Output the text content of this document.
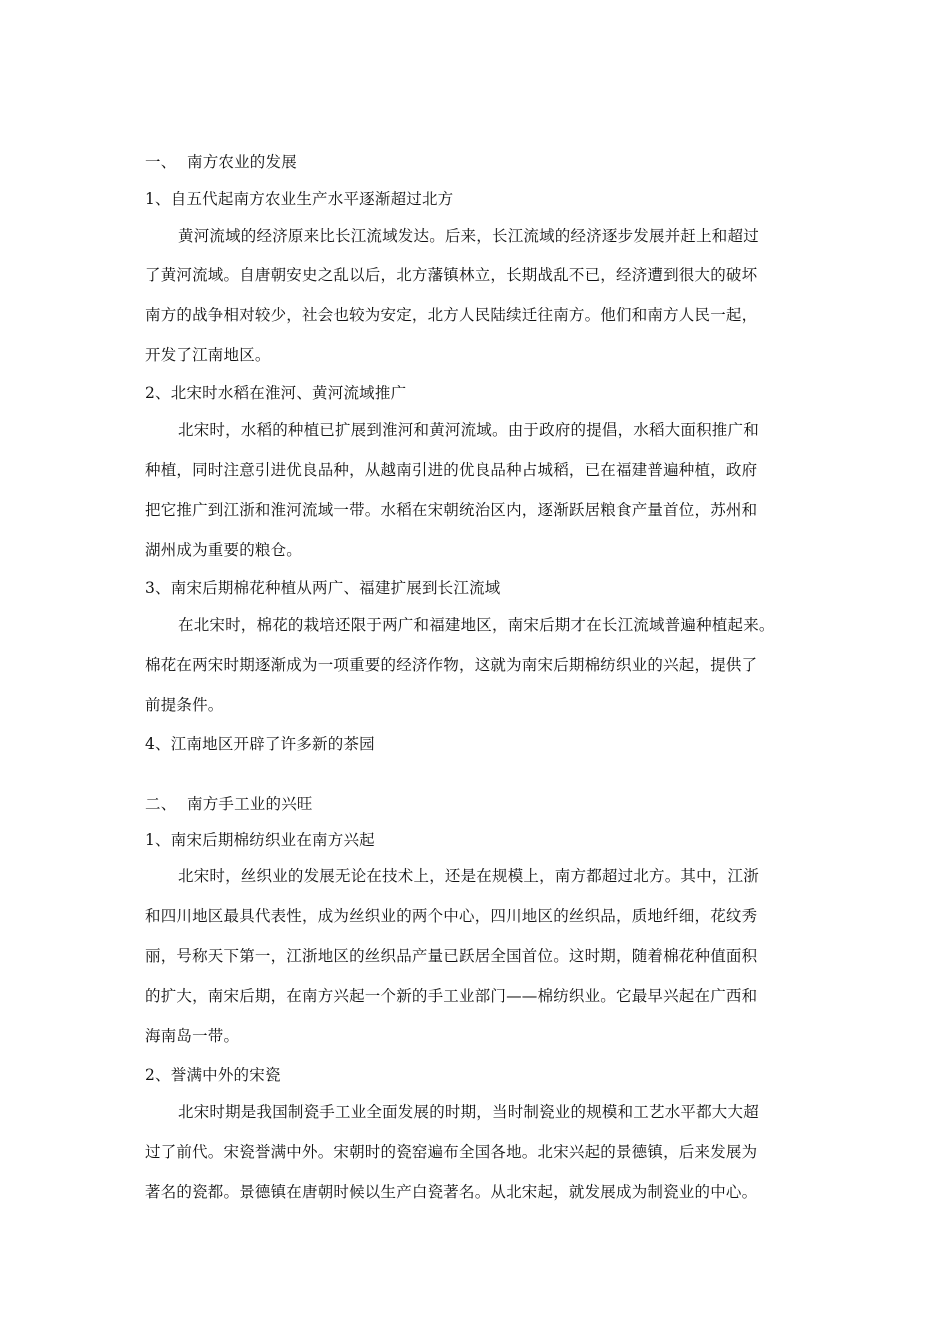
一、 南方农业的发展
1、自五代起南方农业生产水平逐渐超过北方
黄河流域的经济原来比长江流域发达。后来，长江流域的经济逐步发展并赶上和超过
了黄河流域。自唐朝安史之乱以后，北方藩镇林立，长期战乱不已，经济遭到很大的破坏
南方的战争相对较少，社会也较为安定，北方人民陆续迁往南方。他们和南方人民一起，
开发了江南地区。
2、北宋时水稻在淮河、黄河流域推广
北宋时，水稻的种植已扩展到淮河和黄河流域。由于政府的提倡，水稻大面积推广和
种植，同时注意引进优良品种，从越南引进的优良品种占城稻，已在福建普遍种植，政府
把它推广到江浙和淮河流域一带。水稻在宋朝统治区内，逐渐跃居粮食产量首位，苏州和
湖州成为重要的粮仓。
3、南宋后期棉花种植从两广、福建扩展到长江流域
在北宋时，棉花的栽培还限于两广和福建地区，南宋后期才在长江流域普遍种植起来。
棉花在两宋时期逐渐成为一项重要的经济作物，这就为南宋后期棉纺织业的兴起，提供了
前提条件。
4、江南地区开辟了许多新的茶园
二、 南方手工业的兴旺
1、南宋后期棉纺织业在南方兴起
北宋时，丝织业的发展无论在技术上，还是在规模上，南方都超过北方。其中，江浙
和四川地区最具代表性，成为丝织业的两个中心，四川地区的丝织品，质地纤细，花纹秀
丽，号称天下第一，江浙地区的丝织品产量已跃居全国首位。这时期，随着棉花种值面积
的扩大，南宋后期，在南方兴起一个新的手工业部门——棉纺织业。它最早兴起在广西和
海南岛一带。
2、誉满中外的宋瓷
北宋时期是我国制瓷手工业全面发展的时期，当时制瓷业的规模和工艺水平都大大超
过了前代。宋瓷誉满中外。宋朝时的瓷窑遍布全国各地。北宋兴起的景德镇，后来发展为
著名的瓷都。景德镇在唐朝时候以生产白瓷著名。从北宋起，就发展成为制瓷业的中心。
